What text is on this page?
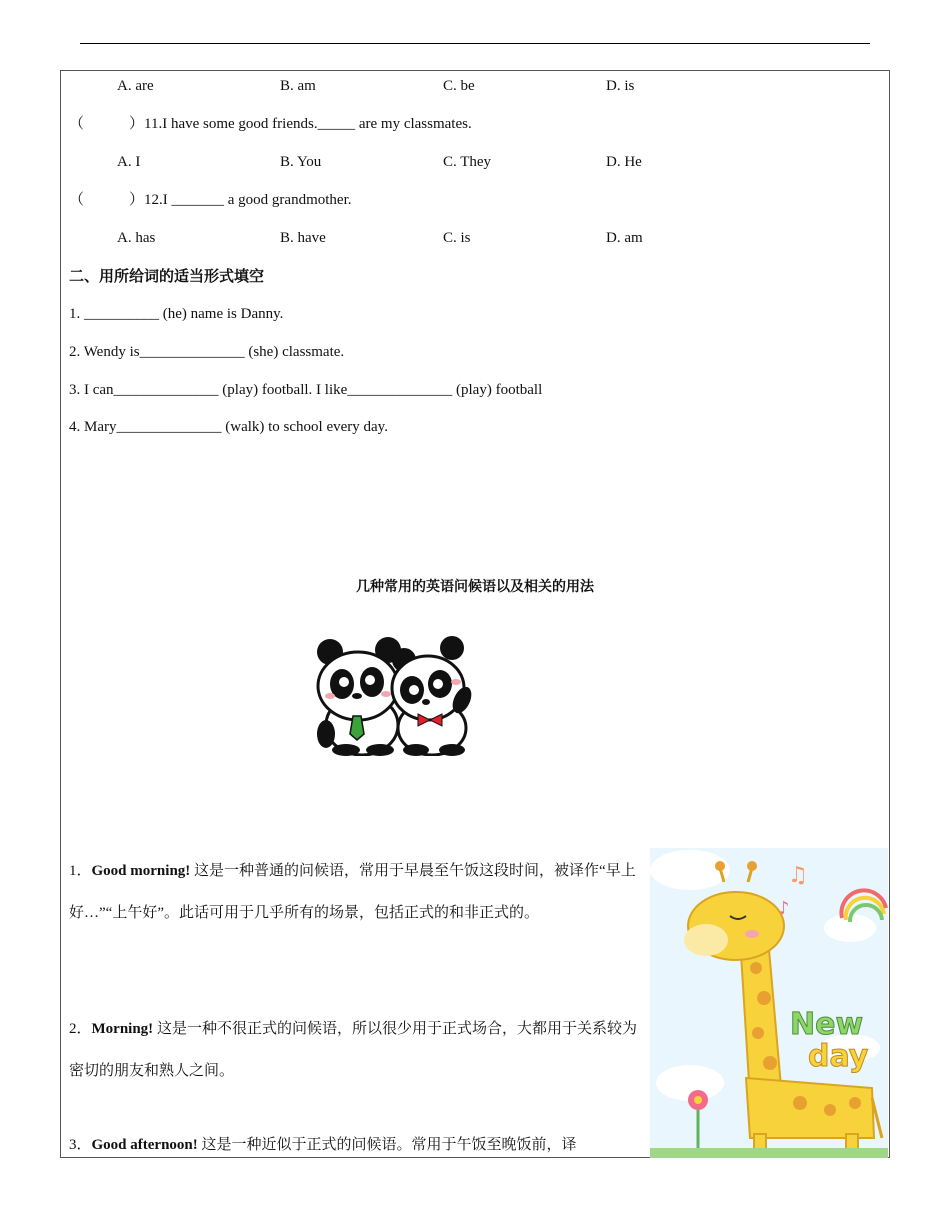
A. are	B. am	C. be	D. is
（　　　）11.I have some good friends._____ are my classmates.
A. I	B. You	C. They	D. He
（　　　）12.I _______ a good grandmother.
A. has	B. have	C. is	D. am
二、用所给词的适当形式填空
1. __________ (he) name is Danny.
2. Wendy is______________ (she) classmate.
3. I can______________ (play) football. I like______________ (play) football
4. Mary______________ (walk) to school every day.
几种常用的英语问候语以及相关的用法
1．Good morning! 这是一种普通的问候语，常用于早晨至午饭这段时间，被译作“早上好…”“上午好”。此话可用于几乎所有的场景，包括正式的和非正式的。
2．Morning! 这是一种不很正式的问候语，所以很少用于正式场合，大都用于关系较为密切的朋友和熟人之间。
3．Good afternoon! 这是一种近似于正式的问候语。常用于午饭至晚饭前，译
♫
♪
New
day
